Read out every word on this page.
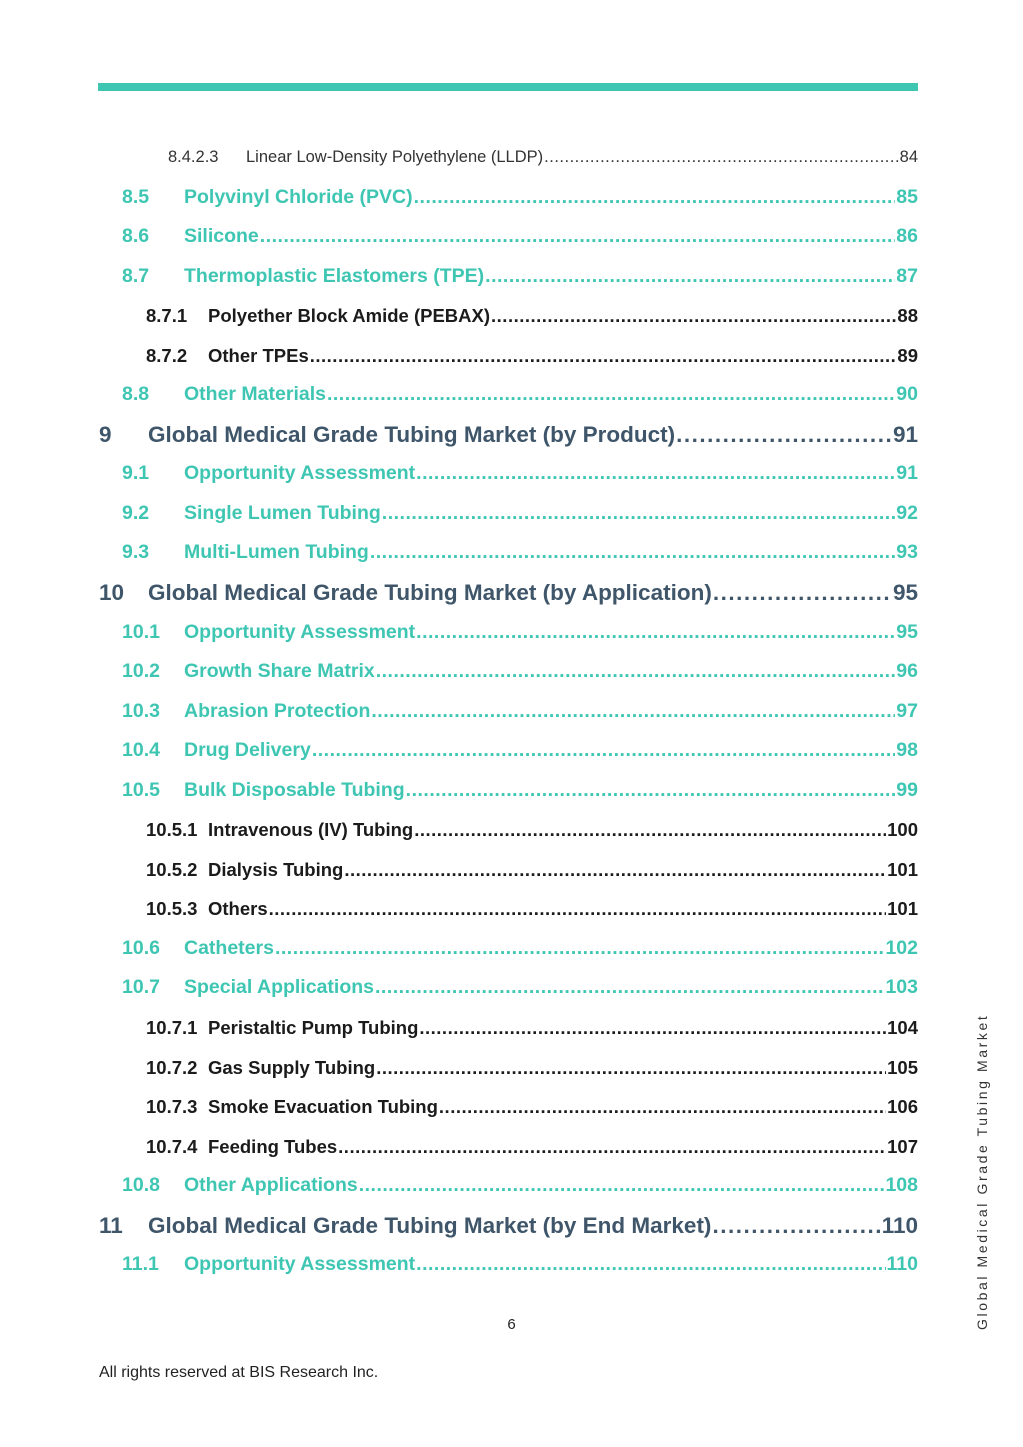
8.4.2.3	Linear Low-Density Polyethylene (LLDP) .....	84
8.5	Polyvinyl Chloride (PVC) .....	85
8.6	Silicone .....	86
8.7	Thermoplastic Elastomers (TPE) .....	87
8.7.1	Polyether Block Amide (PEBAX) .....	88
8.7.2	Other TPEs .....	89
8.8	Other Materials .....	90
9	Global Medical Grade Tubing Market (by Product) .....	91
9.1	Opportunity Assessment .....	91
9.2	Single Lumen Tubing .....	92
9.3	Multi-Lumen Tubing .....	93
10	Global Medical Grade Tubing Market (by Application) .....	95
10.1	Opportunity Assessment .....	95
10.2	Growth Share Matrix .....	96
10.3	Abrasion Protection .....	97
10.4	Drug Delivery .....	98
10.5	Bulk Disposable Tubing .....	99
10.5.1 Intravenous (IV) Tubing .....	100
10.5.2 Dialysis Tubing .....	101
10.5.3 Others .....	101
10.6	Catheters .....	102
10.7	Special Applications .....	103
10.7.1 Peristaltic Pump Tubing .....	104
10.7.2 Gas Supply Tubing .....	105
10.7.3 Smoke Evacuation Tubing .....	106
10.7.4 Feeding Tubes .....	107
10.8	Other Applications .....	108
11	Global Medical Grade Tubing Market (by End Market) .....	110
11.1	Opportunity Assessment .....	110
6
All rights reserved at BIS Research Inc.
Global Medical Grade Tubing Market
